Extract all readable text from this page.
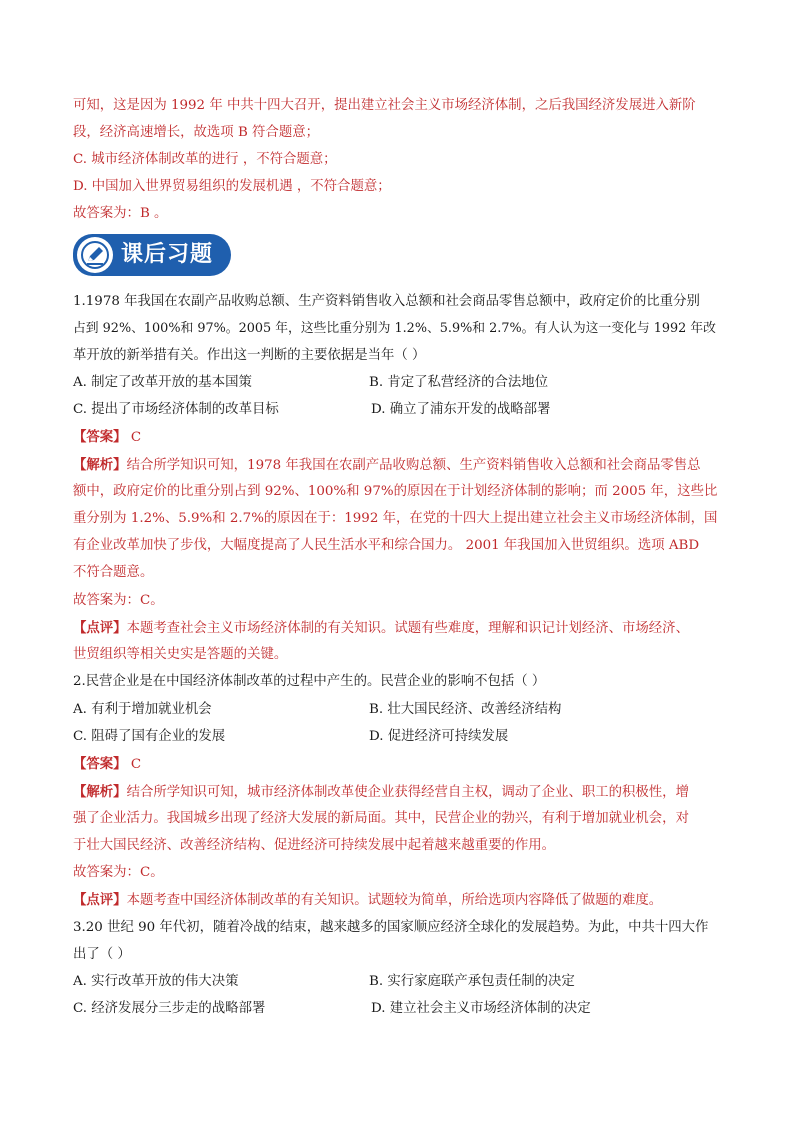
可知，这是因为 1992 年 中共十四大召开，提出建立社会主义市场经济体制，之后我国经济发展进入新阶
段，经济高速增长，故选项 B 符合题意；
C. 城市经济体制改革的进行 ，不符合题意；
D. 中国加入世界贸易组织的发展机遇 ，不符合题意；
故答案为：B 。
课后习题
1.1978 年我国在农副产品收购总额、生产资料销售收入总额和社会商品零售总额中，政府定价的比重分别
占到 92%、100%和 97%。2005 年，这些比重分别为 1.2%、5.9%和 2.7%。有人认为这一变化与 1992 年改
革开放的新举措有关。作出这一判断的主要依据是当年（ ）
A. 制定了改革开放的基本国策	B. 肯定了私营经济的合法地位
C. 提出了市场经济体制的改革目标	D. 确立了浦东开发的战略部署
【答案】 C
【解析】结合所学知识可知，1978 年我国在农副产品收购总额、生产资料销售收入总额和社会商品零售总
额中，政府定价的比重分别占到 92%、100%和 97%的原因在于计划经济体制的影响；而 2005 年，这些比
重分别为 1.2%、5.9%和 2.7%的原因在于：1992 年，在党的十四大上提出建立社会主义市场经济体制，国
有企业改革加快了步伐，大幅度提高了人民生活水平和综合国力。 2001 年我国加入世贸组织。选项 ABD
不符合题意。
故答案为：C。
【点评】本题考查社会主义市场经济体制的有关知识。试题有些难度，理解和识记计划经济、市场经济、
世贸组织等相关史实是答题的关键。
2.民营企业是在中国经济体制改革的过程中产生的。民营企业的影响不包括（ ）
A. 有利于增加就业机会	B. 壮大国民经济、改善经济结构
C. 阻碍了国有企业的发展	D. 促进经济可持续发展
【答案】 C
【解析】结合所学知识可知，城市经济体制改革使企业获得经营自主权，调动了企业、职工的积极性，增
强了企业活力。我国城乡出现了经济大发展的新局面。其中，民营企业的勃兴，有利于增加就业机会，对
于壮大国民经济、改善经济结构、促进经济可持续发展中起着越来越重要的作用。
故答案为：C。
【点评】本题考查中国经济体制改革的有关知识。试题较为简单，所给选项内容降低了做题的难度。
3.20 世纪 90 年代初，随着冷战的结束，越来越多的国家顺应经济全球化的发展趋势。为此，中共十四大作
出了（ ）
A. 实行改革开放的伟大决策	B. 实行家庭联产承包责任制的决定
C. 经济发展分三步走的战略部署	D. 建立社会主义市场经济体制的决定
